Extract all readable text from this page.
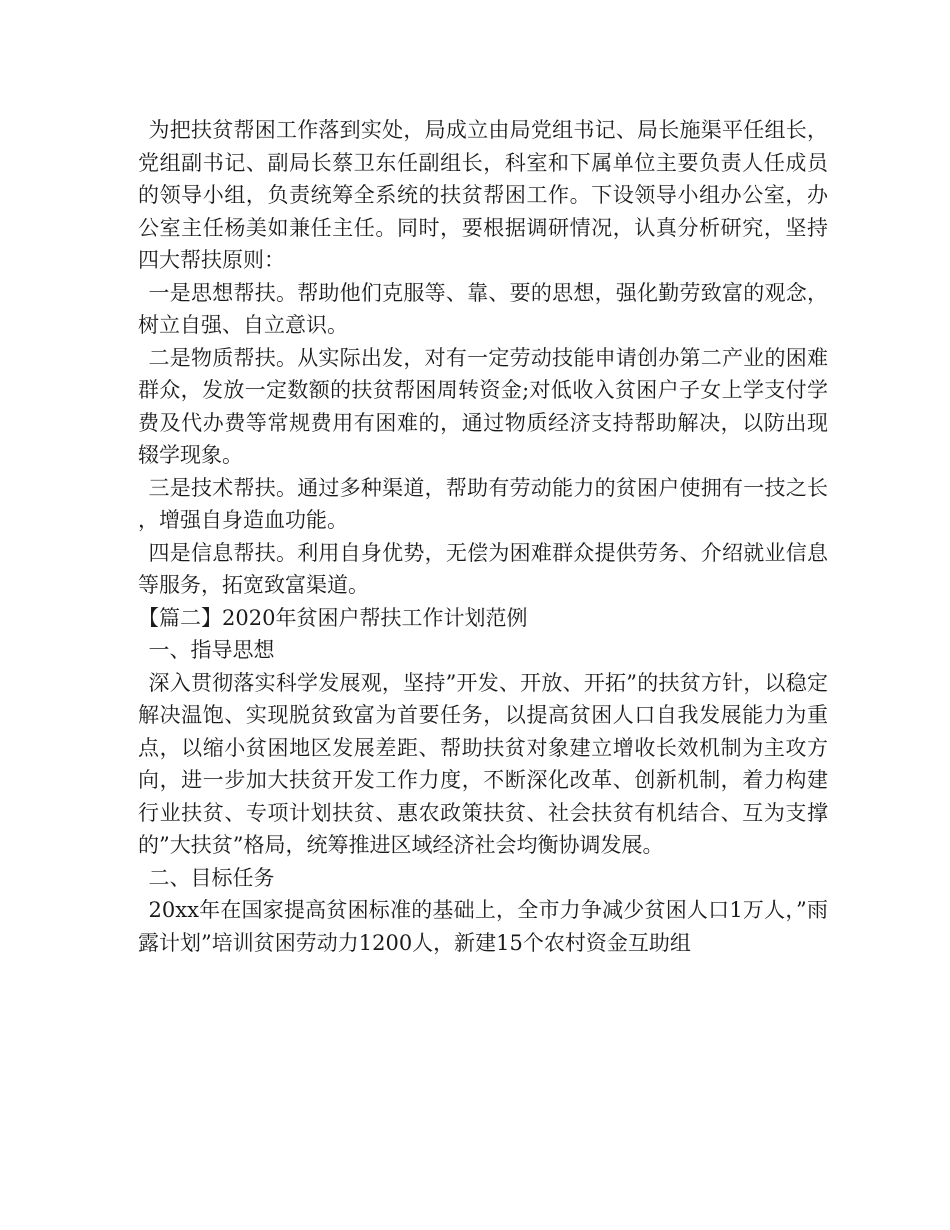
为把扶贫帮困工作落到实处，局成立由局党组书记、局长施渠平任组长，党组副书记、副局长蔡卫东任副组长，科室和下属单位主要负责人任成员的领导小组，负责统筹全系统的扶贫帮困工作。下设领导小组办公室，办公室主任杨美如兼任主任。同时，要根据调研情况，认真分析研究，坚持四大帮扶原则：

一是思想帮扶。帮助他们克服等、靠、要的思想，强化勤劳致富的观念，树立自强、自立意识。

二是物质帮扶。从实际出发，对有一定劳动技能申请创办第二产业的困难群众，发放一定数额的扶贫帮困周转资金;对低收入贫困户子女上学支付学费及代办费等常规费用有困难的，通过物质经济支持帮助解决，以防出现辍学现象。

三是技术帮扶。通过多种渠道，帮助有劳动能力的贫困户使拥有一技之长，增强自身造血功能。

四是信息帮扶。利用自身优势，无偿为困难群众提供劳务、介绍就业信息等服务，拓宽致富渠道。

【篇二】2020年贫困户帮扶工作计划范例

一、指导思想

深入贯彻落实科学发展观，坚持”开发、开放、开拓”的扶贫方针，以稳定解决温饱、实现脱贫致富为首要任务，以提高贫困人口自我发展能力为重点，以缩小贫困地区发展差距、帮助扶贫对象建立增收长效机制为主攻方向，进一步加大扶贫开发工作力度，不断深化改革、创新机制，着力构建行业扶贫、专项计划扶贫、惠农政策扶贫、社会扶贫有机结合、互为支撑的”大扶贫”格局，统筹推进区域经济社会均衡协调发展。

二、目标任务

20xx年在国家提高贫困标准的基础上，全市力争减少贫困人口1万人，”雨露计划”培训贫困劳动力1200人，新建15个农村资金互助组
